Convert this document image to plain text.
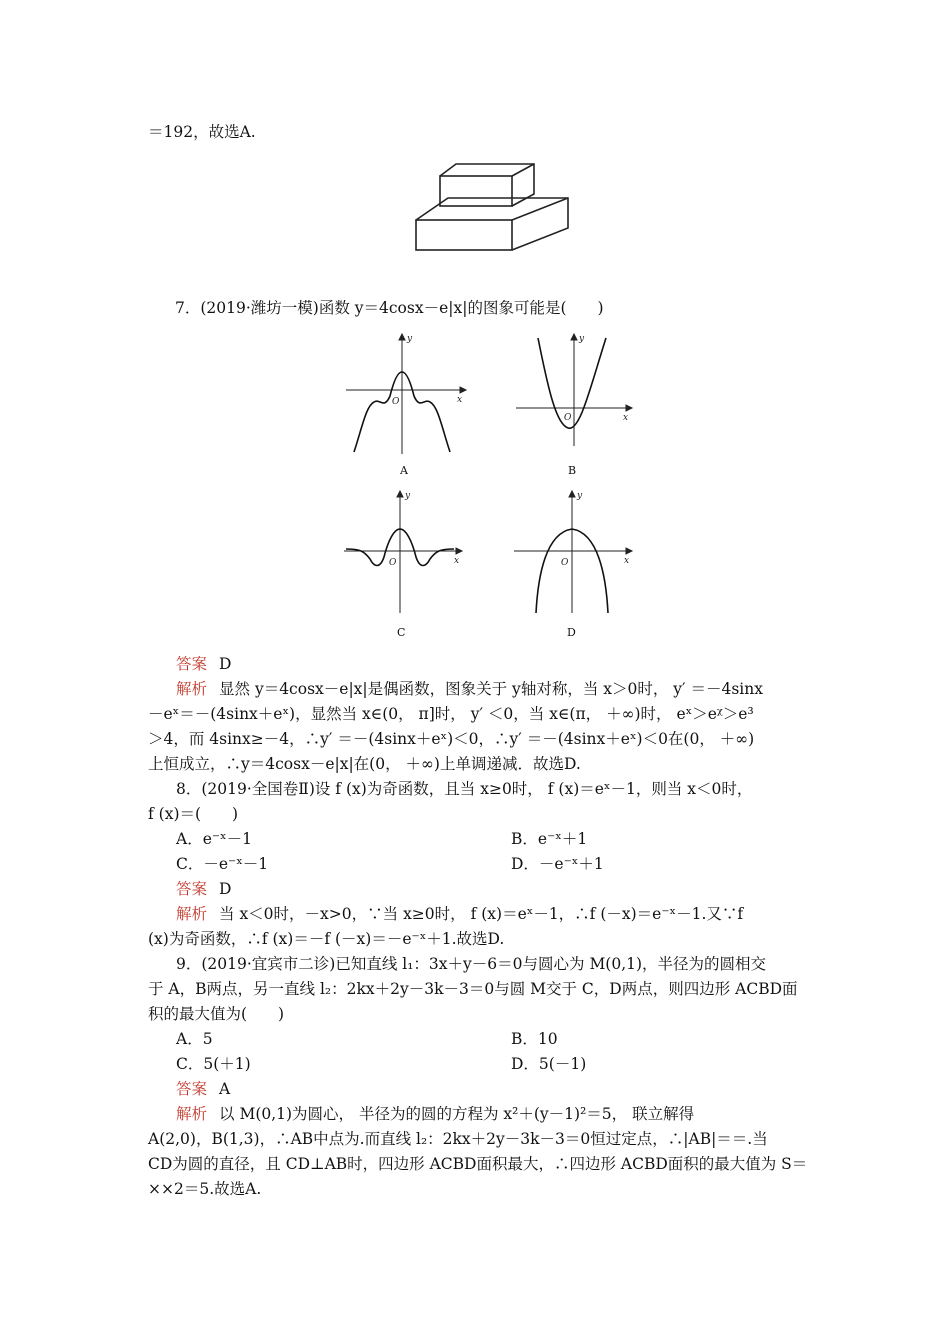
＝192，故选A.
7．(2019·潍坊一模)函数 y＝4cosx－e|x|的图象可能是(　　)
x
y
O
A
x
y
O
B
x
y
O
C
x
y
O
D
答案 D
解析 显然 y＝4cosx－e|x|是偶函数，图象关于 y轴对称，当 x＞0时， y′ ＝－4sinx
－eˣ＝－(4sinx＋eˣ)，显然当 x∈(0， π]时， y′ ＜0，当 x∈(π， ＋∞)时， eˣ＞eᵡ＞e³
＞4，而 4sinx≥－4，∴y′ ＝－(4sinx＋eˣ)＜0，∴y′ ＝－(4sinx＋eˣ)＜0在(0， ＋∞)
上恒成立，∴y＝4cosx－e|x|在(0， ＋∞)上单调递减．故选D.
8．(2019·全国卷Ⅱ)设 f (x)为奇函数，且当 x≥0时， f (x)＝eˣ－1，则当 x＜0时，
f (x)＝(　　)
A．e⁻ˣ－1	B．e⁻ˣ＋1
C．－e⁻ˣ－1	D．－e⁻ˣ＋1
答案 D
解析 当 x＜0时，－x>0，∵当 x≥0时， f (x)＝eˣ－1，∴f (－x)＝e⁻ˣ－1.又∵f
(x)为奇函数，∴f (x)＝－f (－x)＝－e⁻ˣ＋1.故选D.
9．(2019·宜宾市二诊)已知直线 l₁：3x＋y－6＝0与圆心为 M(0,1)，半径为的圆相交
于 A，B两点，另一直线 l₂：2kx＋2y－3k－3＝0与圆 M交于 C，D两点，则四边形 ACBD面
积的最大值为(　　)
A．5	B．10
C．5(＋1)	D．5(－1)
答案 A
解析 以 M(0,1)为圆心， 半径为的圆的方程为 x²＋(y－1)²＝5， 联立解得
A(2,0)，B(1,3)，∴AB中点为.而直线 l₂：2kx＋2y－3k－3＝0恒过定点，∴|AB|＝＝.当
CD为圆的直径，且 CD⊥AB时，四边形 ACBD面积最大，∴四边形 ACBD面积的最大值为 S＝
××2＝5.故选A.
